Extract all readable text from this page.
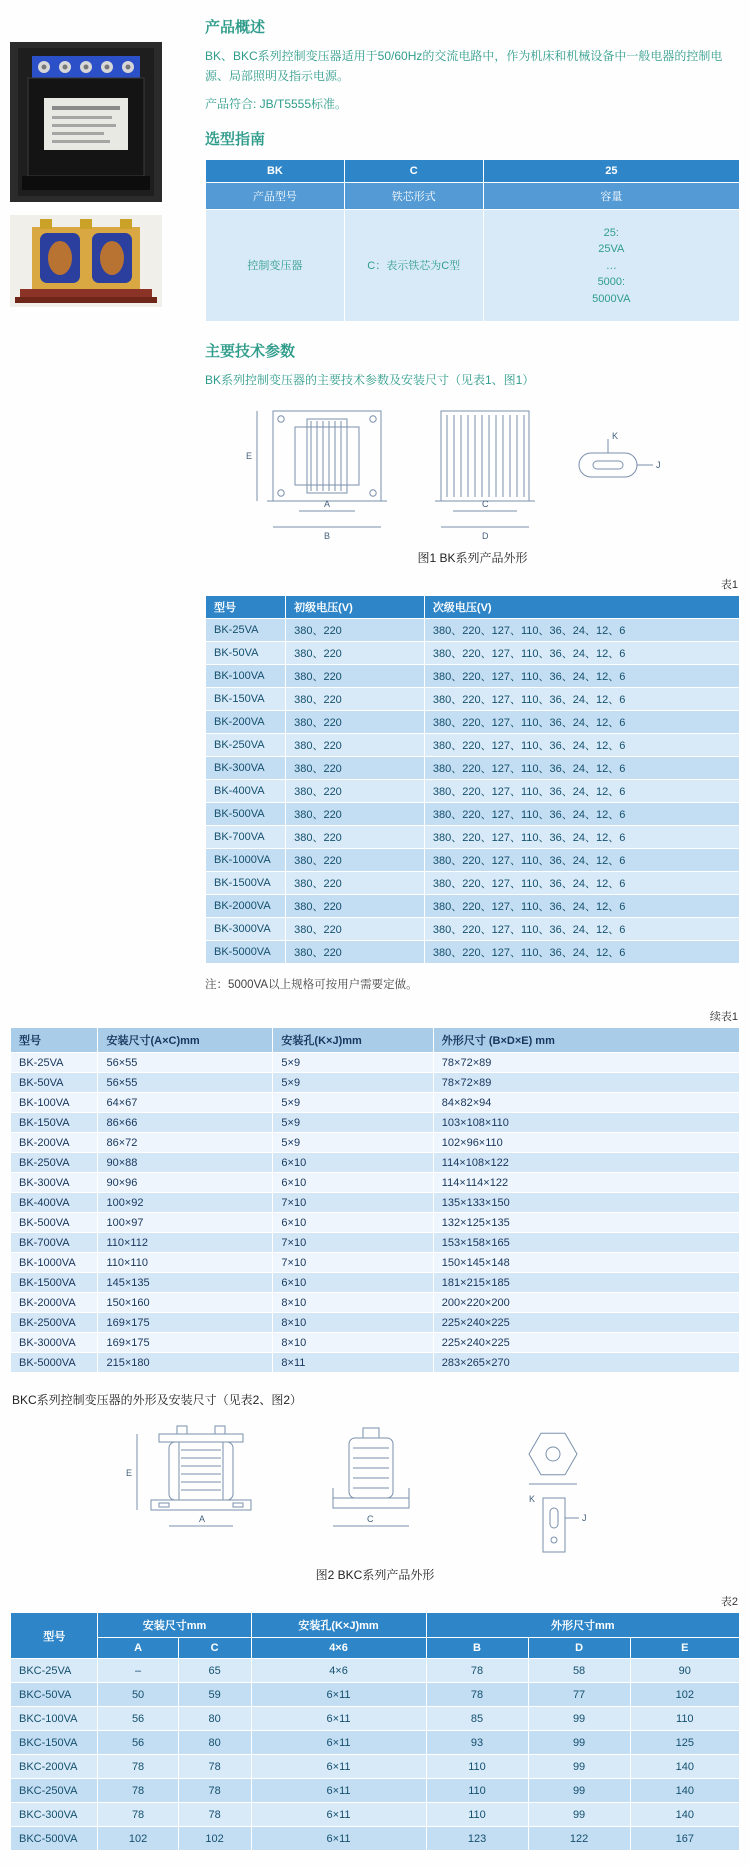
产品概述

BK、BKC系列控制变压器适用于50/60Hz的交流电路中，作为机床和机械设备中一般电器的控制电源、局部照明及指示电源。

产品符合: JB/T5555标准。

选型指南
BK	C	25
产品型号	铁芯形式	容量
控制变压器	C：表示铁芯为C型	25:
25VA
…
5000:
5000VA
主要技术参数

BK系列控制变压器的主要技术参数及安装尺寸（见表1、图1）

E
A
B
C
D
K
J
图1 BK系列产品外形
表1
型号	初级电压(V)	次级电压(V)
BK-25VA	380、220	380、220、127、110、36、24、12、6
BK-50VA	380、220	380、220、127、110、36、24、12、6
BK-100VA	380、220	380、220、127、110、36、24、12、6
BK-150VA	380、220	380、220、127、110、36、24、12、6
BK-200VA	380、220	380、220、127、110、36、24、12、6
BK-250VA	380、220	380、220、127、110、36、24、12、6
BK-300VA	380、220	380、220、127、110、36、24、12、6
BK-400VA	380、220	380、220、127、110、36、24、12、6
BK-500VA	380、220	380、220、127、110、36、24、12、6
BK-700VA	380、220	380、220、127、110、36、24、12、6
BK-1000VA	380、220	380、220、127、110、36、24、12、6
BK-1500VA	380、220	380、220、127、110、36、24、12、6
BK-2000VA	380、220	380、220、127、110、36、24、12、6
BK-3000VA	380、220	380、220、127、110、36、24、12、6
BK-5000VA	380、220	380、220、127、110、36、24、12、6

注：5000VA以上规格可按用户需要定做。

续表1
型号	安装尺寸(A×C)mm	安装孔(K×J)mm	外形尺寸 (B×D×E) mm
BK-25VA	56×55	5×9	78×72×89
BK-50VA	56×55	5×9	78×72×89
BK-100VA	64×67	5×9	84×82×94
BK-150VA	86×66	5×9	103×108×110
BK-200VA	86×72	5×9	102×96×110
BK-250VA	90×88	6×10	114×108×122
BK-300VA	90×96	6×10	114×114×122
BK-400VA	100×92	7×10	135×133×150
BK-500VA	100×97	6×10	132×125×135
BK-700VA	110×112	7×10	153×158×165
BK-1000VA	110×110	7×10	150×145×148
BK-1500VA	145×135	6×10	181×215×185
BK-2000VA	150×160	8×10	200×220×200
BK-2500VA	169×175	8×10	225×240×225
BK-3000VA	169×175	8×10	225×240×225
BK-5000VA	215×180	8×11	283×265×270

BKC系列控制变压器的外形及安装尺寸（见表2、图2）

E
A	C
K
J
图2 BKC系列产品外形
表2
型号	安装尺寸mm		安装孔(K×J)mm	外形尺寸mm		
	A	C	4×6	B	D	E
BKC-25VA	–	65	4×6	78	58	90
BKC-50VA	50	59	6×11	78	77	102
BKC-100VA	56	80	6×11	85	99	110
BKC-150VA	56	80	6×11	93	99	125
BKC-200VA	78	78	6×11	110	99	140
BKC-250VA	78	78	6×11	110	99	140
BKC-300VA	78	78	6×11	110	99	140
BKC-500VA	102	102	6×11	123	122	167
